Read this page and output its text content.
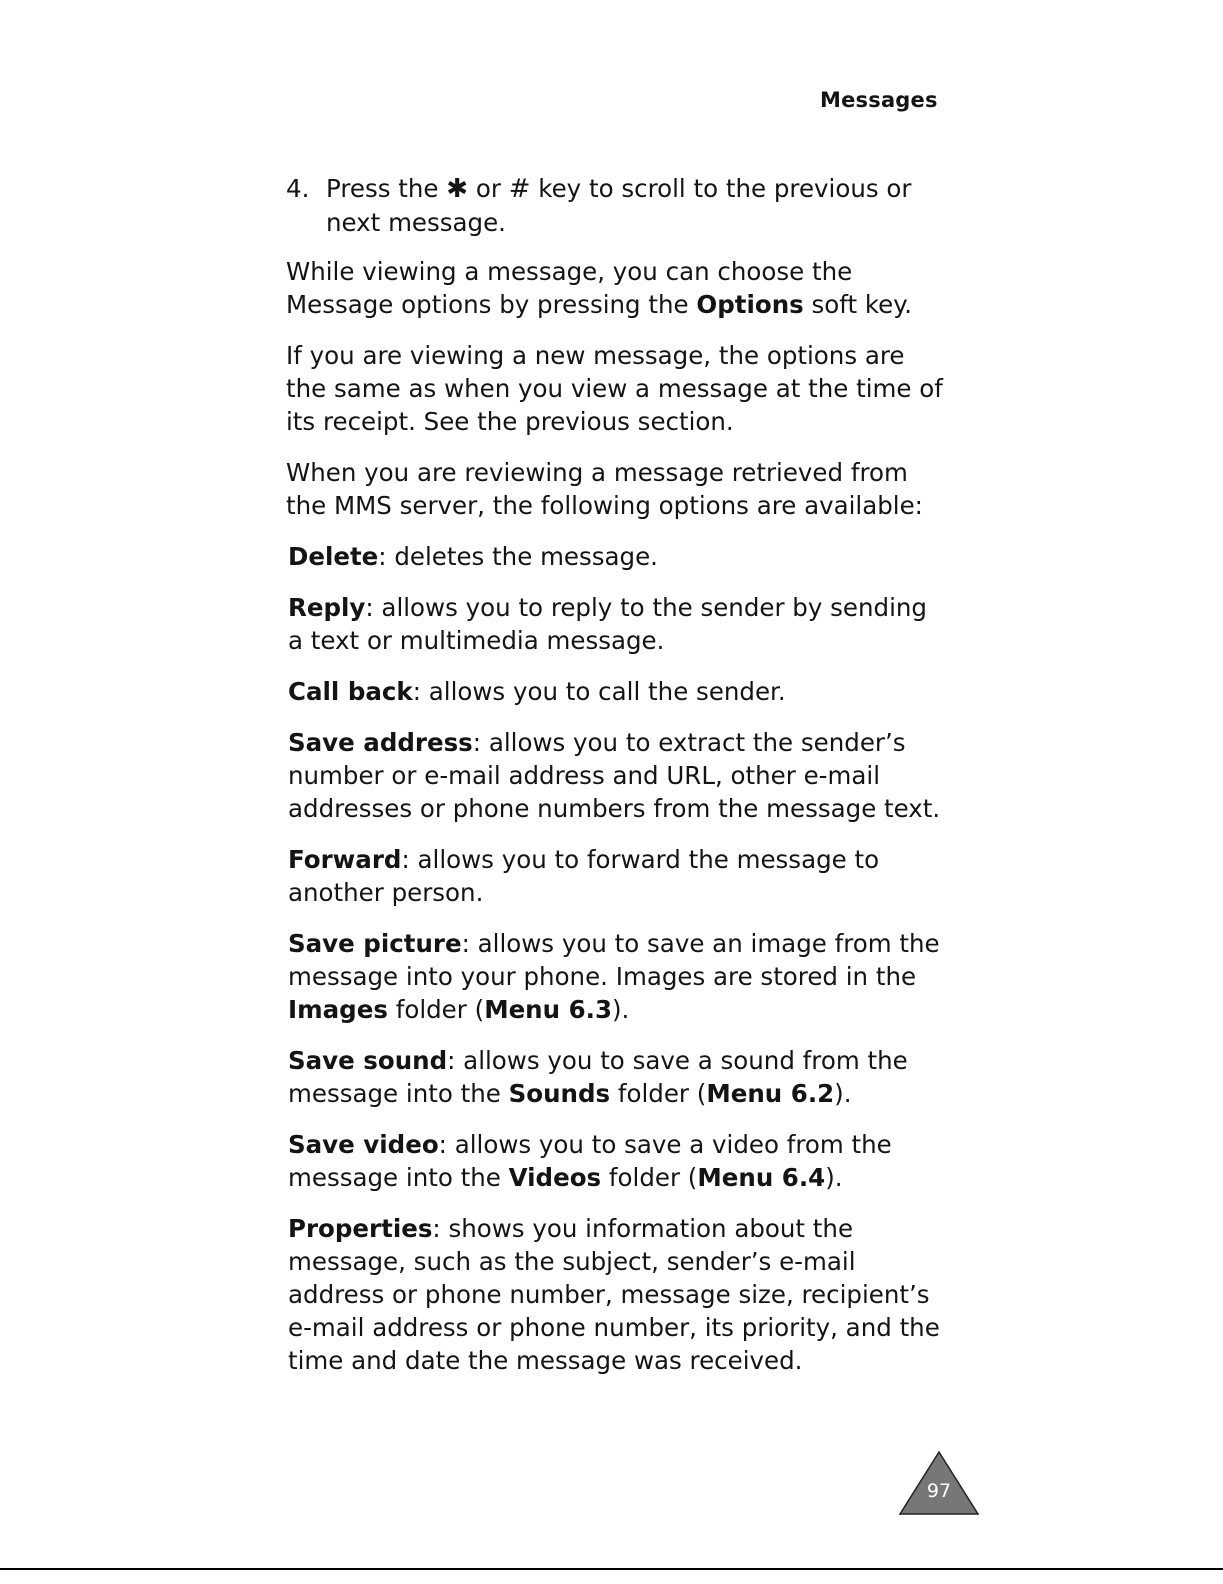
Messages
4. Press the ✱ or # key to scroll to the previous or next message.

While viewing a message, you can choose the Message options by pressing the Options soft key.

If you are viewing a new message, the options are the same as when you view a message at the time of its receipt. See the previous section.

When you are reviewing a message retrieved from the MMS server, the following options are available:

Delete: deletes the message.

Reply: allows you to reply to the sender by sending a text or multimedia message.

Call back: allows you to call the sender.

Save address: allows you to extract the sender’s number or e-mail address and URL, other e-mail addresses or phone numbers from the message text.

Forward: allows you to forward the message to another person.

Save picture: allows you to save an image from the message into your phone. Images are stored in the Images folder (Menu 6.3).

Save sound: allows you to save a sound from the message into the Sounds folder (Menu 6.2).

Save video: allows you to save a video from the message into the Videos folder (Menu 6.4).

Properties: shows you information about the message, such as the subject, sender’s e-mail address or phone number, message size, recipient’s e-mail address or phone number, its priority, and the time and date the message was received.

97
